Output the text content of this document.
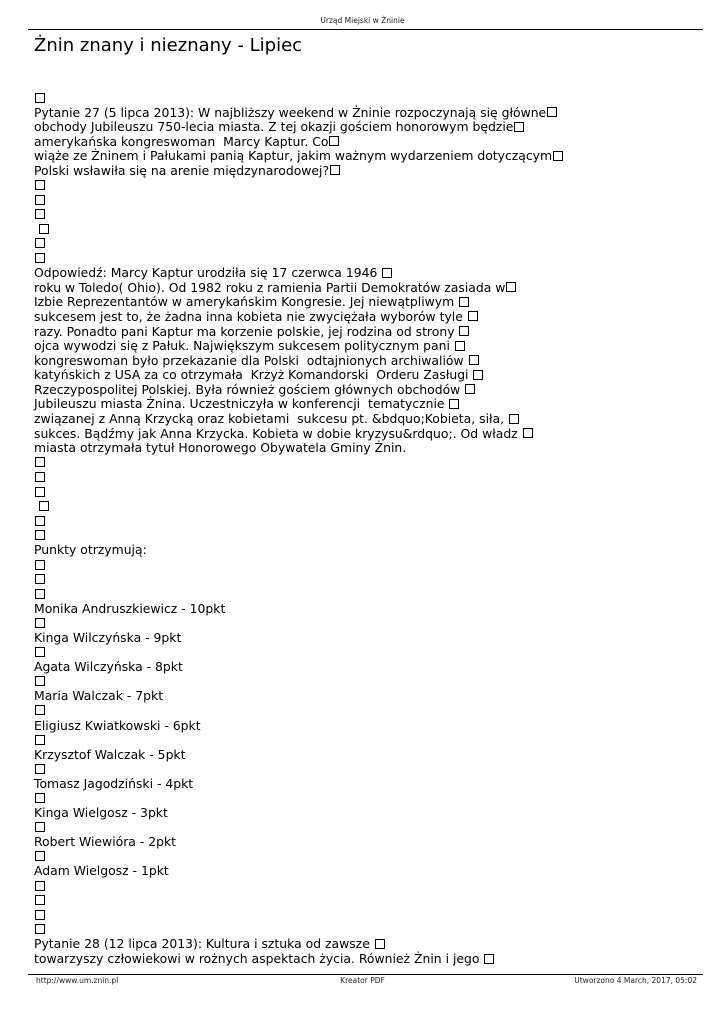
Urząd Miejski w Żninie
Żnin znany i nieznany - Lipiec
Pytanie 27 (5 lipca 2013): W najbliższy weekend w Żninie rozpoczynają się główne
obchody Jubileuszu 750-lecia miasta. Z tej okazji gościem honorowym będzie
amerykańska kongreswoman  Marcy Kaptur. Co
wiąże ze Żninem i Pałukami panią Kaptur, jakim ważnym wydarzeniem dotyczącym
Polski wsławiła się na arenie międzynarodowej?

Odpowiedź: Marcy Kaptur urodziła się 17 czerwca 1946
roku w Toledo( Ohio). Od 1982 roku z ramienia Partii Demokratów zasiada w
Izbie Reprezentantów w amerykańskim Kongresie. Jej niewątpliwym
sukcesem jest to, że żadna inna kobieta nie zwyciężała wyborów tyle
razy. Ponadto pani Kaptur ma korzenie polskie, jej rodzina od strony
ojca wywodzi się z Pałuk. Największym sukcesem politycznym pani
kongreswoman było przekazanie dla Polski  odtajnionych archiwaliów
katyńskich z USA za co otrzymała  Krzyż Komandorski  Orderu Zasługi
Rzeczypospolitej Polskiej. Była również gościem głównych obchodów
Jubileuszu miasta Żnina. Uczestniczyła w konferencji  tematycznie
związanej z Anną Krzycką oraz kobietami  sukcesu pt. &bdquo;Kobieta, siła,
sukces. Bądźmy jak Anna Krzycka. Kobieta w dobie kryzysu&rdquo;. Od władz
miasta otrzymała tytuł Honorowego Obywatela Gminy Żnin.

Punkty otrzymują:
Monika Andruszkiewicz - 10pkt
Kinga Wilczyńska - 9pkt
Agata Wilczyńska - 8pkt
Maria Walczak - 7pkt
Eligiusz Kwiatkowski - 6pkt
Krzysztof Walczak - 5pkt
Tomasz Jagodziński - 4pkt
Kinga Wielgosz - 3pkt
Robert Wiewióra - 2pkt
Adam Wielgosz - 1pkt
Pytanie 28 (12 lipca 2013): Kultura i sztuka od zawsze
towarzyszy człowiekowi w rożnych aspektach życia. Również Żnin i jego
http://www.um.znin.pl	Kreator PDF	Utworzono 4 March, 2017, 05:02
